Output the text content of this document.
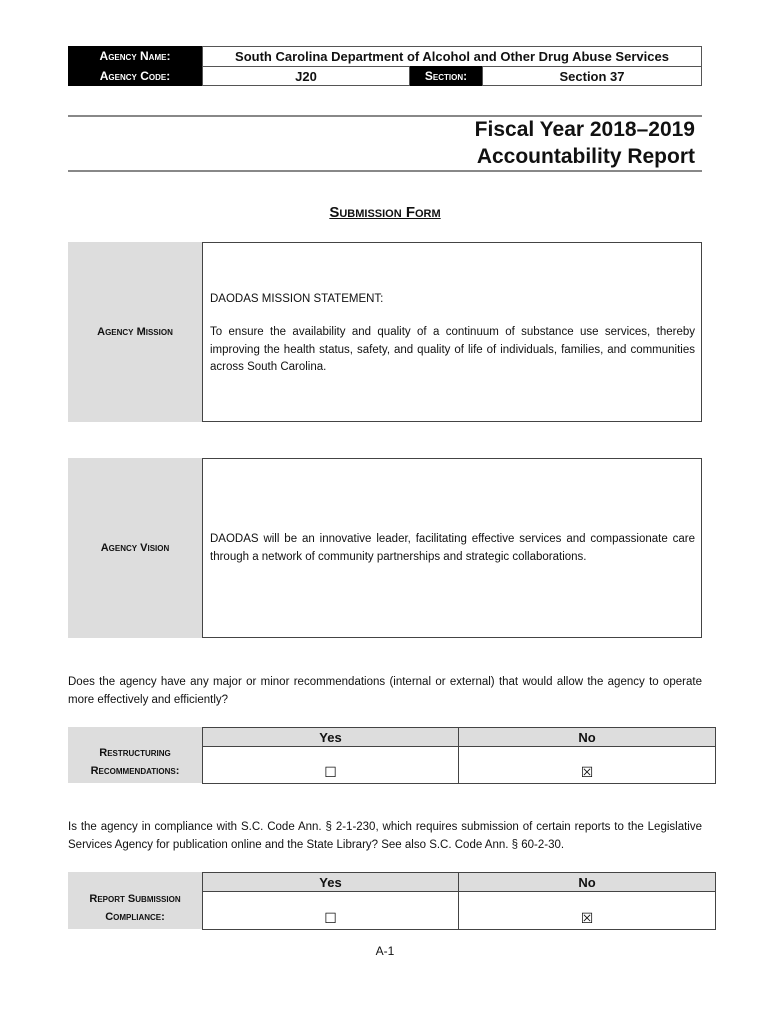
Agency Name:	South Carolina Department of Alcohol and Other Drug Abuse Services
Agency Code:	J20	Section:	Section 37
Fiscal Year 2018–2019
Accountability Report
Submission Form
Agency Mission
DAODAS MISSION STATEMENT:
To ensure the availability and quality of a continuum of substance use services, thereby improving the health status, safety, and quality of life of individuals, families, and communities across South Carolina.
Agency Vision
DAODAS will be an innovative leader, facilitating effective services and compassionate care through a network of community partnerships and strategic collaborations.
Does the agency have any major or minor recommendations (internal or external) that would allow the agency to operate more effectively and efficiently?
Restructuring
Recommendations:
Yes	No
☐	☒
Is the agency in compliance with S.C. Code Ann. § 2-1-230, which requires submission of certain reports to the Legislative Services Agency for publication online and the State Library? See also S.C. Code Ann. § 60-2-30.
Report Submission
Compliance:
Yes	No
☐	☒
A-1
